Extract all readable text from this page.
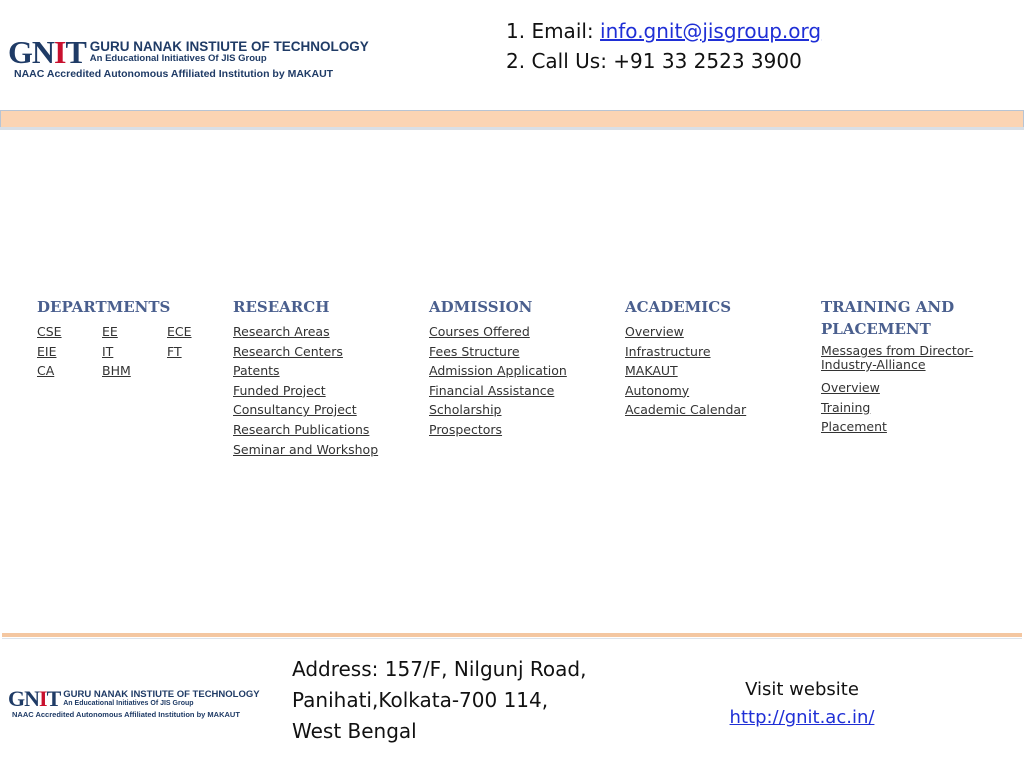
GNIT GURU NANAK INSTIUTE OF TECHNOLOGY
An Educational Initiatives Of JIS Group
NAAC Accredited Autonomous Affiliated Institution by MAKAUT
1. Email: info.gnit@jisgroup.org
2. Call Us: +91 33 2523 3900
DEPARTMENTS
CSE	EE	ECE
EIE	IT	FT
CA	BHM
RESEARCH
Research Areas
Research Centers
Patents
Funded Project
Consultancy Project
Research Publications
Seminar and Workshop
ADMISSION
Courses Offered
Fees Structure
Admission Application
Financial Assistance
Scholarship
Prospectors
ACADEMICS
Overview
Infrastructure
MAKAUT
Autonomy
Academic Calendar
TRAINING AND
PLACEMENT
Messages from Director-Industry-Alliance
Overview
Training
Placement
GNIT GURU NANAK INSTIUTE OF TECHNOLOGY
An Educational Initiatives Of JIS Group
NAAC Accredited Autonomous Affiliated Institution by MAKAUT
Address: 157/F, Nilgunj Road,
Panihati,Kolkata-700 114,
West Bengal
Visit website
http://gnit.ac.in/
